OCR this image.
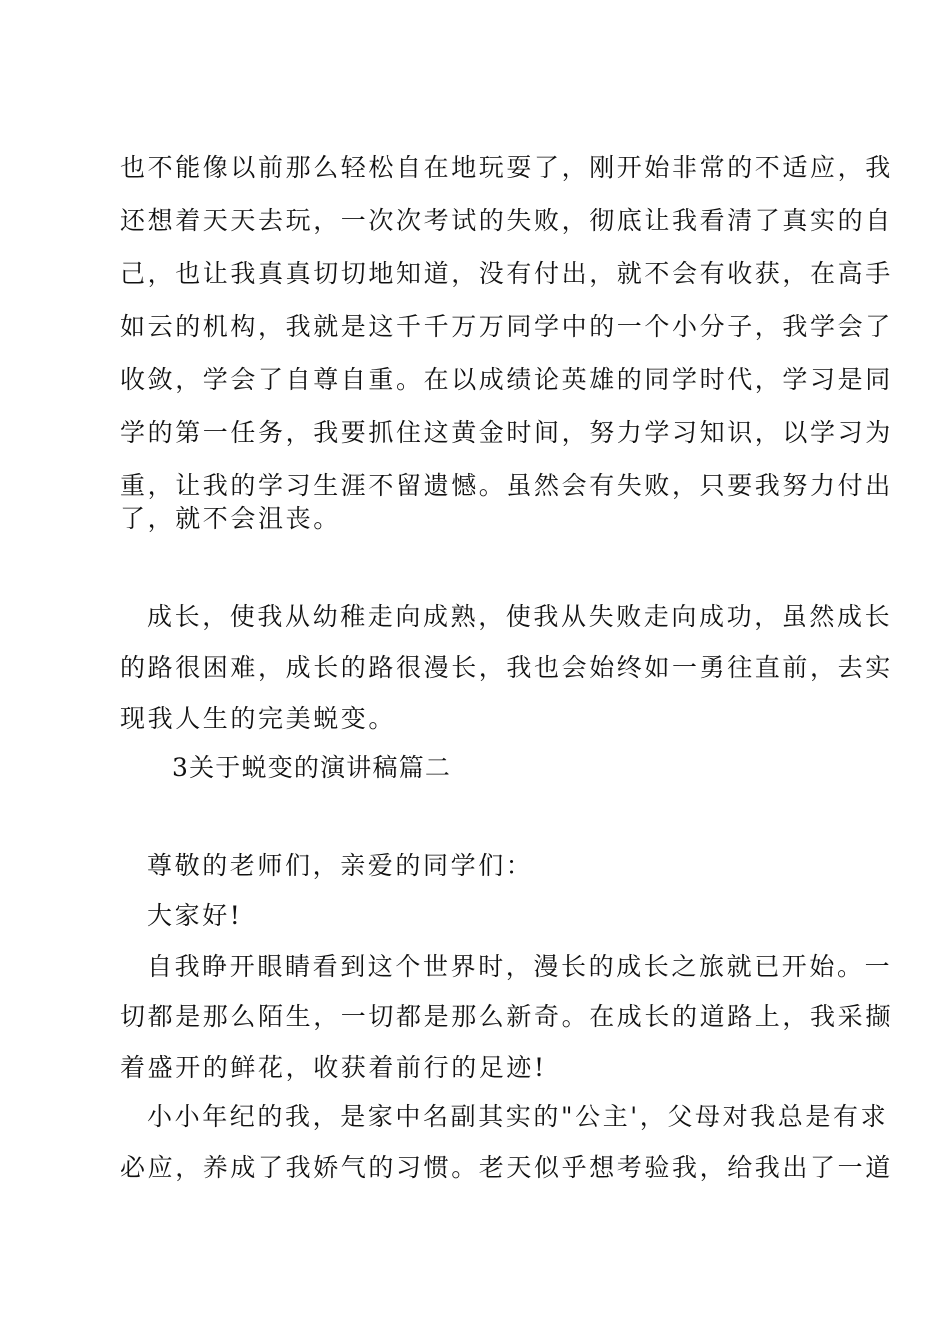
也不能像以前那么轻松自在地玩耍了，刚开始非常的不适应，我
还想着天天去玩，一次次考试的失败，彻底让我看清了真实的自
己，也让我真真切切地知道，没有付出，就不会有收获，在高手
如云的机构，我就是这千千万万同学中的一个小分子，我学会了
收敛，学会了自尊自重。在以成绩论英雄的同学时代，学习是同
学的第一任务，我要抓住这黄金时间，努力学习知识，以学习为
重，让我的学习生涯不留遗憾。虽然会有失败，只要我努力付出
了，就不会沮丧。
成长，使我从幼稚走向成熟，使我从失败走向成功，虽然成长
的路很困难，成长的路很漫长，我也会始终如一勇往直前，去实
现我人生的完美蜕变。
3关于蜕变的演讲稿篇二
尊敬的老师们，亲爱的同学们：
大家好!
自我睁开眼睛看到这个世界时，漫长的成长之旅就已开始。一
切都是那么陌生，一切都是那么新奇。在成长的道路上，我采撷
着盛开的鲜花，收获着前行的足迹!
小小年纪的我，是家中名副其实的"公主'，父母对我总是有求
必应，养成了我娇气的习惯。老天似乎想考验我，给我出了一道
